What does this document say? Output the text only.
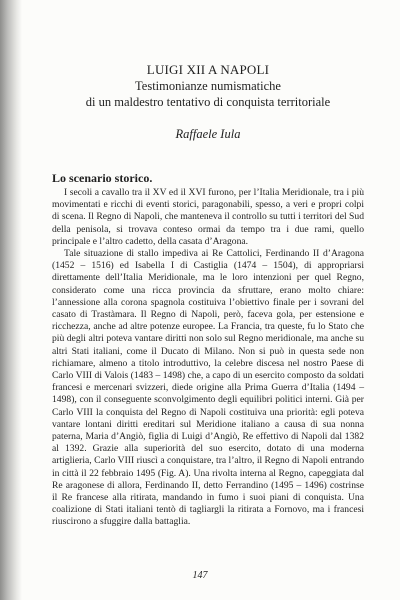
LUIGI XII A NAPOLI
Testimonianze numismatiche
di un maldestro tentativo di conquista territoriale
Raffaele Iula
Lo scenario storico.

I secoli a cavallo tra il XV ed il XVI furono, per l’Italia Meridionale, tra i più movimentati e ricchi di eventi storici, paragonabili, spesso, a veri e propri colpi di scena. Il Regno di Napoli, che manteneva il controllo su tutti i territori del Sud della penisola, si trovava conteso ormai da tempo tra i due rami, quello principale e l’altro cadetto, della casata d’Aragona.

Tale situazione di stallo impediva ai Re Cattolici, Ferdinando II d’Aragona (1452 – 1516) ed Isabella I di Castiglia (1474 – 1504), di appropriarsi direttamente dell’Italia Meridionale, ma le loro intenzioni per quel Regno, considerato come una ricca provincia da sfruttare, erano molto chiare: l’annessione alla corona spagnola costituiva l’obiettivo finale per i sovrani del casato di Trastàmara. Il Regno di Napoli, però, faceva gola, per estensione e ricchezza, anche ad altre potenze europee. La Francia, tra queste, fu lo Stato che più degli altri poteva vantare diritti non solo sul Regno meridionale, ma anche su altri Stati italiani, come il Ducato di Milano. Non si può in questa sede non richiamare, almeno a titolo introduttivo, la celebre discesa nel nostro Paese di Carlo VIII di Valois (1483 – 1498) che, a capo di un esercito composto da soldati francesi e mercenari svizzeri, diede origine alla Prima Guerra d’Italia (1494 – 1498), con il conseguente sconvolgimento degli equilibri politici interni. Già per Carlo VIII la conquista del Regno di Napoli costituiva una priorità: egli poteva vantare lontani diritti ereditari sul Meridione italiano a causa di sua nonna paterna, Maria d’Angiò, figlia di Luigi d’Angiò, Re effettivo di Napoli dal 1382 al 1392. Grazie alla superiorità del suo esercito, dotato di una moderna artiglieria, Carlo VIII riuscì a conquistare, tra l’altro, il Regno di Napoli entrando in città il 22 febbraio 1495 (Fig. A). Una rivolta interna al Regno, capeggiata dal Re aragonese di allora, Ferdinando II, detto Ferrandino (1495 – 1496) costrinse il Re francese alla ritirata, mandando in fumo i suoi piani di conquista. Una coalizione di Stati italiani tentò di tagliargli la ritirata a Fornovo, ma i francesi riuscirono a sfuggire dalla battaglia.

147
